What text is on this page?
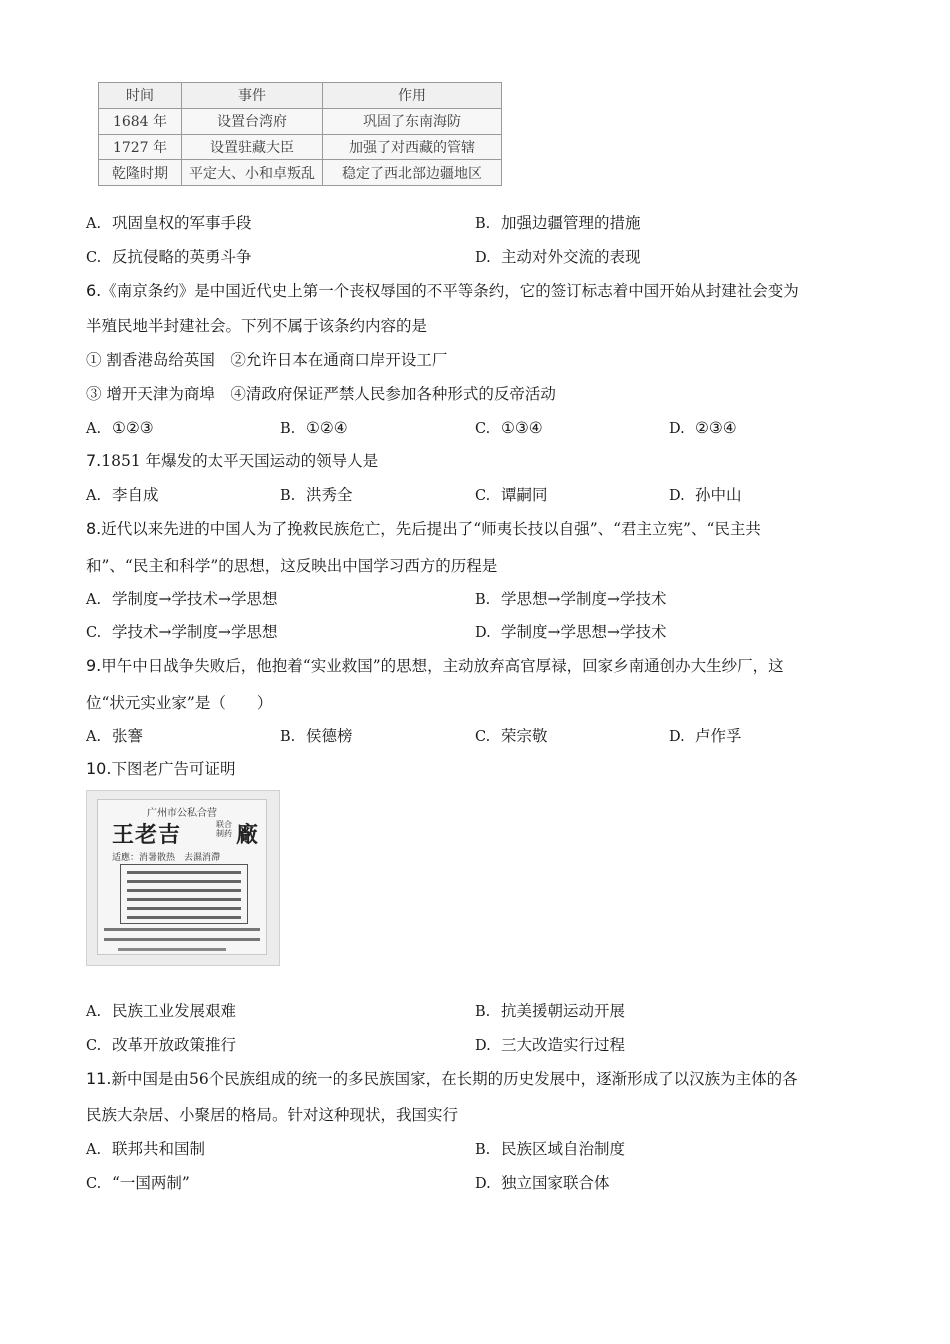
时间	事件	作用
1684 年	设置台湾府	巩固了东南海防
1727 年	设置驻藏大臣	加强了对西藏的管辖
乾隆时期	平定大、小和卓叛乱	稳定了西北部边疆地区
A. 巩固皇权的军事手段	B. 加强边疆管理的措施
C. 反抗侵略的英勇斗争	D. 主动对外交流的表现
6.《南京条约》是中国近代史上第一个丧权辱国的不平等条约，它的签订标志着中国开始从封建社会变为
半殖民地半封建社会。下列不属于该条约内容的是
① 割香港岛给英国　②允许日本在通商口岸开设工厂
③ 增开天津为商埠　④清政府保证严禁人民参加各种形式的反帝活动
A. ①②③	B. ①②④	C. ①③④	D. ②③④
7.1851 年爆发的太平天国运动的领导人是
A. 李自成	B. 洪秀全	C. 谭嗣同	D. 孙中山
8.近代以来先进的中国人为了挽救民族危亡，先后提出了“师夷长技以自强”、“君主立宪”、“民主共
和”、“民主和科学”的思想，这反映出中国学习西方的历程是
A. 学制度→学技术→学思想	B. 学思想→学制度→学技术
C. 学技术→学制度→学思想	D. 学制度→学思想→学技术
9.甲午中日战争失败后，他抱着“实业救国”的思想，主动放弃高官厚禄，回家乡南通创办大生纱厂，这
位“状元实业家”是（　　）
A. 张謇	B. 侯德榜	C. 荣宗敬	D. 卢作孚
10.下图老广告可证明
广州市公私合营
王老吉	联合制药 廠
适應：消暑散热　去濕消滯
A. 民族工业发展艰难	B. 抗美援朝运动开展
C. 改革开放政策推行	D. 三大改造实行过程
11.新中国是由56个民族组成的统一的多民族国家，在长期的历史发展中，逐渐形成了以汉族为主体的各
民族大杂居、小聚居的格局。针对这种现状，我国实行
A. 联邦共和国制	B. 民族区域自治制度
C. “一国两制”	D. 独立国家联合体
